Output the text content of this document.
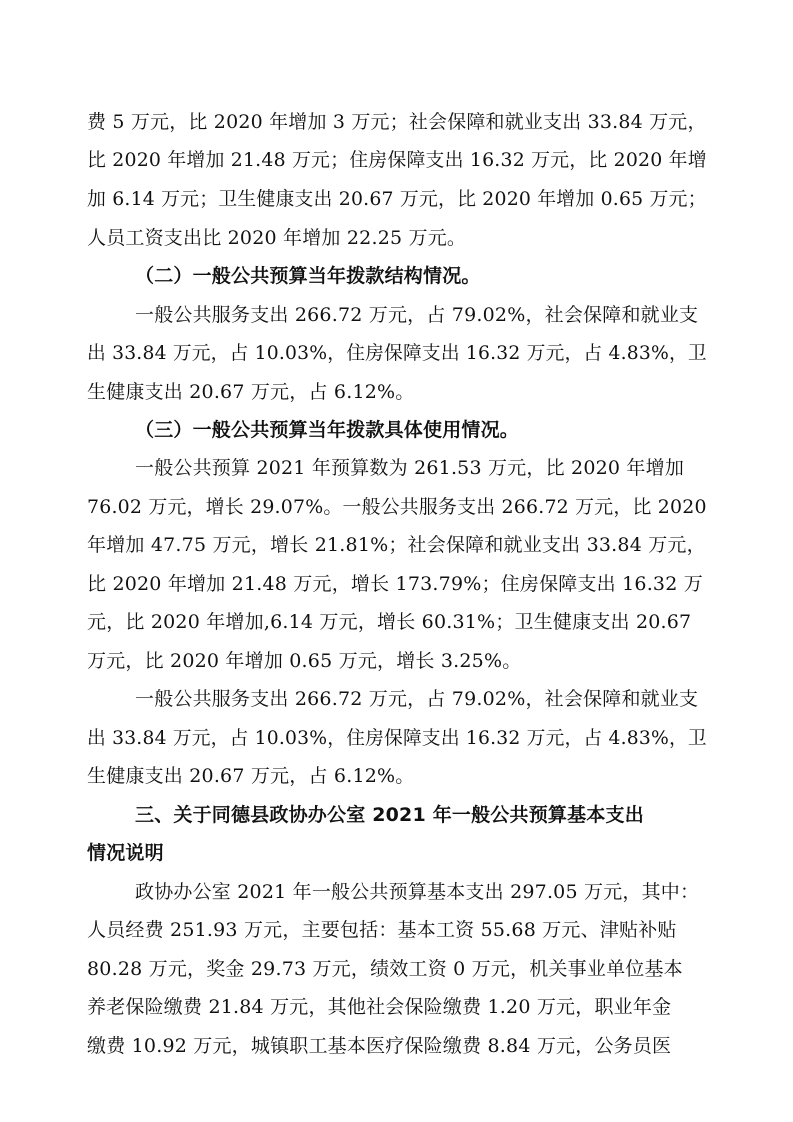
费 5 万元，比 2020 年增加 3 万元；社会保障和就业支出 33.84 万元，
比 2020 年增加 21.48 万元；住房保障支出 16.32 万元，比 2020 年增
加 6.14 万元；卫生健康支出 20.67 万元，比 2020 年增加 0.65 万元；
人员工资支出比 2020 年增加 22.25 万元。
（二）一般公共预算当年拨款结构情况。
一般公共服务支出 266.72 万元，占 79.02%，社会保障和就业支
出 33.84 万元，占 10.03%，住房保障支出 16.32 万元，占 4.83%，卫
生健康支出 20.67 万元，占 6.12%。
（三）一般公共预算当年拨款具体使用情况。
一般公共预算 2021 年预算数为 261.53 万元，比 2020 年增加
76.02 万元，增长 29.07%。一般公共服务支出 266.72 万元，比 2020
年增加 47.75 万元，增长 21.81%；社会保障和就业支出 33.84 万元，
比 2020 年增加 21.48 万元，增长 173.79%；住房保障支出 16.32 万
元，比 2020 年增加,6.14 万元，增长 60.31%；卫生健康支出 20.67
万元，比 2020 年增加 0.65 万元，增长 3.25%。
一般公共服务支出 266.72 万元，占 79.02%，社会保障和就业支
出 33.84 万元，占 10.03%，住房保障支出 16.32 万元，占 4.83%，卫
生健康支出 20.67 万元，占 6.12%。
三、关于同德县政协办公室 2021 年一般公共预算基本支出
情况说明
政协办公室 2021 年一般公共预算基本支出 297.05 万元，其中：
人员经费 251.93 万元，主要包括：基本工资 55.68 万元、津贴补贴
80.28 万元，奖金 29.73 万元，绩效工资 0 万元，机关事业单位基本
养老保险缴费 21.84 万元，其他社会保险缴费 1.20 万元，职业年金
缴费 10.92 万元，城镇职工基本医疗保险缴费 8.84 万元，公务员医
